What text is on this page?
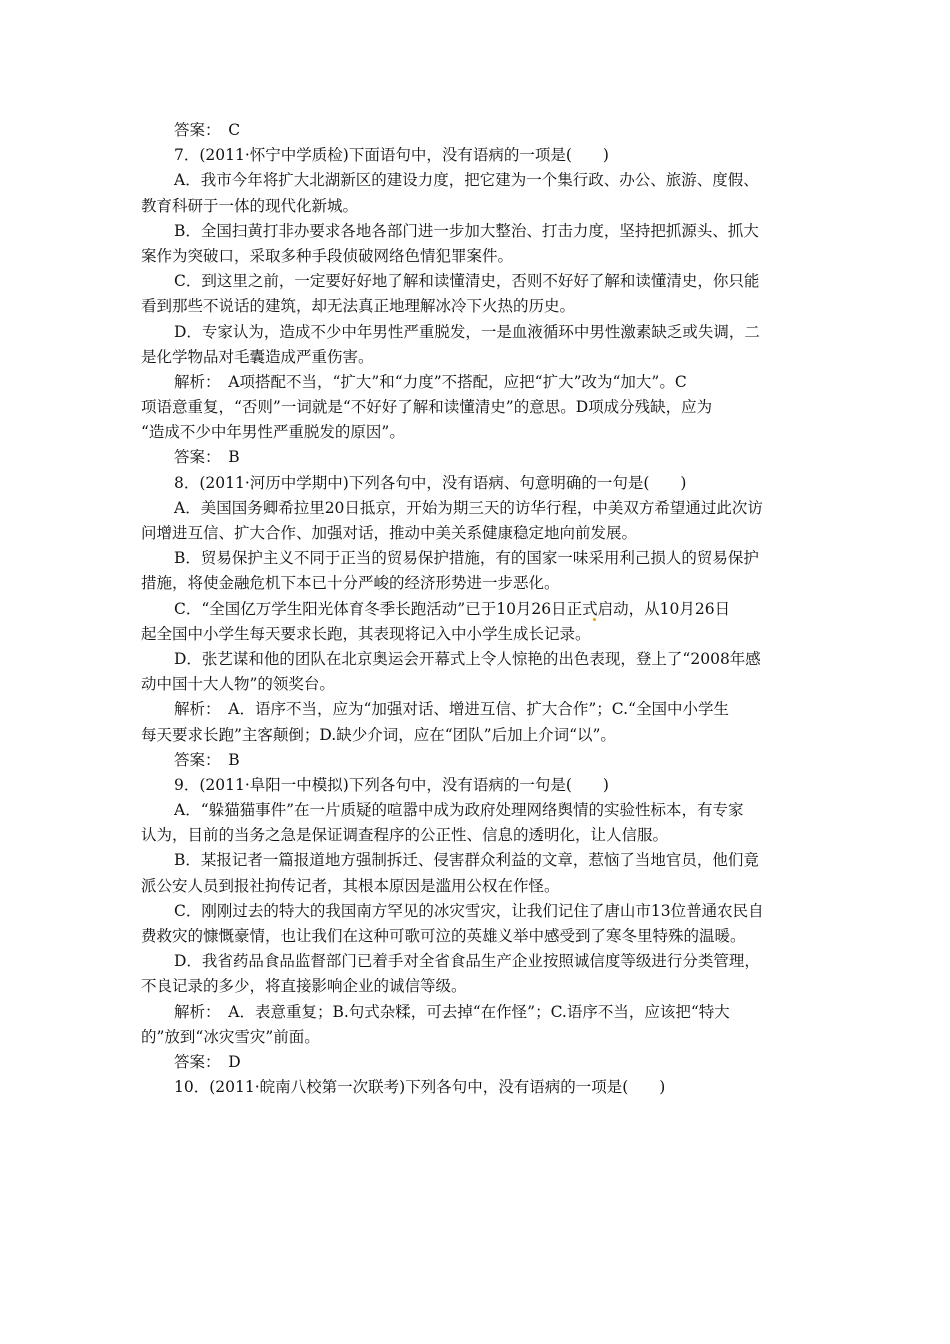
答案：　C
7．(2011·怀宁中学质检)下面语句中，没有语病的一项是(　　)
A．我市今年将扩大北湖新区的建设力度，把它建为一个集行政、办公、旅游、度假、
教育科研于一体的现代化新城。
B．全国扫黄打非办要求各地各部门进一步加大整治、打击力度，坚持把抓源头、抓大
案作为突破口，采取多种手段侦破网络色情犯罪案件。
C．到这里之前，一定要好好地了解和读懂清史，否则不好好了解和读懂清史，你只能
看到那些不说话的建筑，却无法真正地理解冰冷下火热的历史。
D．专家认为，造成不少中年男性严重脱发，一是血液循环中男性激素缺乏或失调，二
是化学物品对毛囊造成严重伤害。
解析：　A项搭配不当，“扩大”和“力度”不搭配，应把“扩大”改为“加大”。C
项语意重复，“否则”一词就是“不好好了解和读懂清史”的意思。D项成分残缺，应为
“造成不少中年男性严重脱发的原因”。
答案：　B
8．(2011·河历中学期中)下列各句中，没有语病、句意明确的一句是(　　)
A．美国国务卿希拉里20日抵京，开始为期三天的访华行程，中美双方希望通过此次访
问增进互信、扩大合作、加强对话，推动中美关系健康稳定地向前发展。
B．贸易保护主义不同于正当的贸易保护措施，有的国家一味采用利己损人的贸易保护
措施，将使金融危机下本已十分严峻的经济形势进一步恶化。
C．“全国亿万学生阳光体育冬季长跑活动”已于10月26日正式启动，从10月26日
起全国中小学生每天要求长跑，其表现将记入中小学生成长记录。
D．张艺谋和他的团队在北京奥运会开幕式上令人惊艳的出色表现，登上了“2008年感
动中国十大人物”的领奖台。
解析：　A．语序不当，应为“加强对话、增进互信、扩大合作”；C.“全国中小学生
每天要求长跑”主客颠倒；D.缺少介词，应在“团队”后加上介词“以”。
答案：　B
9．(2011·阜阳一中模拟)下列各句中，没有语病的一句是(　　)
A．“躲猫猫事件”在一片质疑的喧嚣中成为政府处理网络舆情的实验性标本，有专家
认为，目前的当务之急是保证调查程序的公正性、信息的透明化，让人信服。
B．某报记者一篇报道地方强制拆迁、侵害群众利益的文章，惹恼了当地官员，他们竟
派公安人员到报社拘传记者，其根本原因是滥用公权在作怪。
C．刚刚过去的特大的我国南方罕见的冰灾雪灾，让我们记住了唐山市13位普通农民自
费救灾的慷慨豪情，也让我们在这种可歌可泣的英雄义举中感受到了寒冬里特殊的温暖。
D．我省药品食品监督部门已着手对全省食品生产企业按照诚信度等级进行分类管理，
不良记录的多少，将直接影响企业的诚信等级。
解析：　A．表意重复；B.句式杂糅，可去掉“在作怪”；C.语序不当，应该把“特大
的”放到“冰灾雪灾”前面。
答案：　D
10．(2011·皖南八校第一次联考)下列各句中，没有语病的一项是(　　)
